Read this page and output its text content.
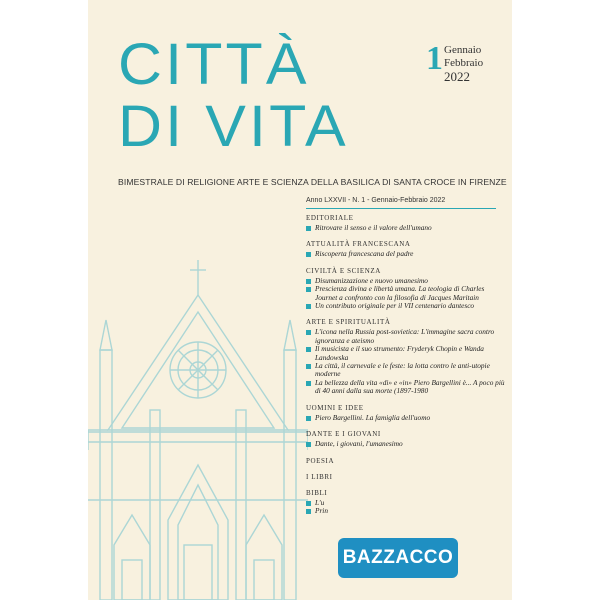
CITTÀ
DI VITA
1 Gennaio
Febbraio
2022
BIMESTRALE DI RELIGIONE ARTE E SCIENZA DELLA BASILICA DI SANTA CROCE IN FIRENZE
Anno LXXVII - N. 1 - Gennaio-Febbraio 2022
EDITORIALE
Ritrovare il senso e il valore dell'umano
ATTUALITÀ FRANCESCANA
Riscoperta francescana del padre
CIVILTÀ E SCIENZA
Disumanizzazione e nuovo umanesimo
Prescienza divina e libertà umana. La teologia di Charles Journet a confronto con la filosofia di Jacques Maritain
Un contributo originale per il VII centenario dantesco
ARTE E SPIRITUALITÀ
L'icona nella Russia post-sovietica: L'immagine sacra contro ignoranza e ateismo
Il musicista e il suo strumento: Fryderyk Chopin e Wanda Landowska
La città, il carnevale e le feste: la lotta contro le anti-utopie moderne
La bellezza della vita «di» e «in» Piero Bargellini è... A poco più di 40 anni dalla sua morte (1897-1980
UOMINI E IDEE
Piero Bargellini. La famiglia dell'uomo
DANTE E I GIOVANI
Dante, i giovani, l'umanesimo
POESIA
I LIBRI
BIBLI
L'u
Prin
BAZZACCO
